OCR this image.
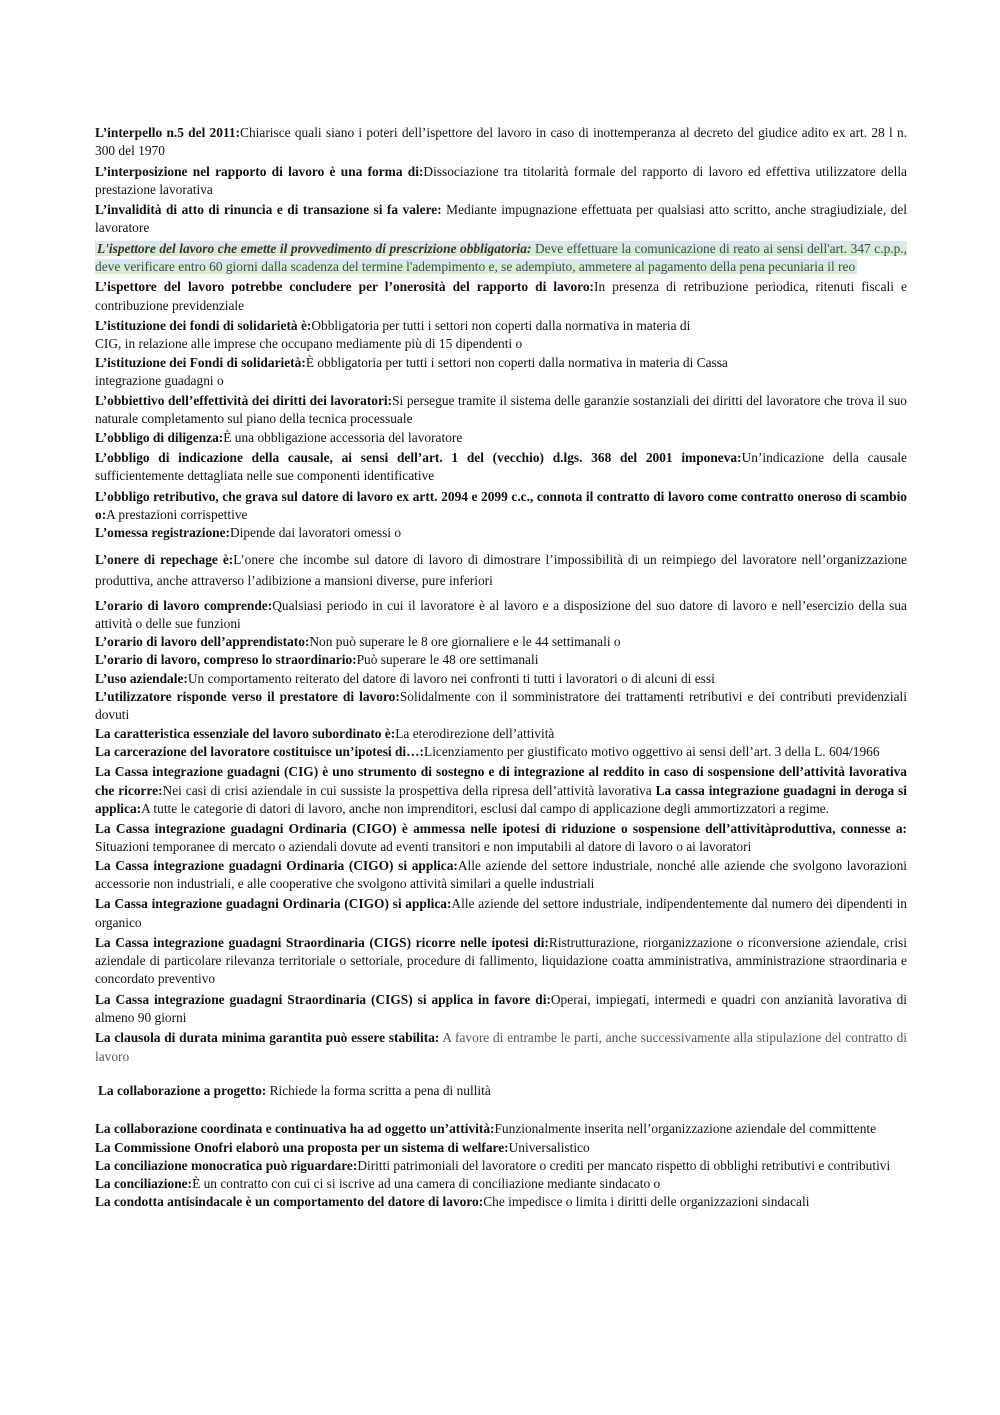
L’interpello n.5 del 2011:Chiarisce quali siano i poteri dell’ispettore del lavoro in caso di inottemperanza al decreto del giudice adito ex art. 28 l n. 300 del 1970

L’interposizione nel rapporto di lavoro è una forma di:Dissociazione tra titolarità formale del rapporto di lavoro ed effettiva utilizzatore della prestazione lavorativa

L’invalidità di atto di rinuncia e di transazione si fa valere: Mediante impugnazione effettuata per qualsiasi atto scritto, anche stragiudiziale, del lavoratore

L'ispettore del lavoro che emette il provvedimento di prescrizione obbligatoria: Deve effettuare la comunicazione di reato ai sensi dell'art. 347 c.p.p., deve verificare entro 60 giorni dalla scadenza del termine l'adempimento e, se adempiuto, ammetere al pagamento della pena pecuniaria il reo

L’ispettore del lavoro potrebbe concludere per l’onerosità del rapporto di lavoro:In presenza di retribuzione periodica, ritenuti fiscali e contribuzione previdenziale

L’istituzione dei fondi di solidarietà è:Obbligatoria per tutti i settori non coperti dalla normativa in materia di
CIG, in relazione alle imprese che occupano mediamente più di 15 dipendenti o

L’istituzione dei Fondi di solidarietà:È obbligatoria per tutti i settori non coperti dalla normativa in materia di Cassa
integrazione guadagni o

L’obbiettivo dell’effettività dei diritti dei lavoratori:Si persegue tramite il sistema delle garanzie sostanziali dei diritti del lavoratore che trova il suo naturale completamento sul piano della tecnica processuale

L’obbligo di diligenza:È una obbligazione accessoria del lavoratore

L’obbligo di indicazione della causale, ai sensi dell’art. 1 del (vecchio) d.lgs. 368 del 2001 imponeva:Un’indicazione della causale sufficientemente dettagliata nelle sue componenti identificative

L’obbligo retributivo, che grava sul datore di lavoro ex artt. 2094 e 2099 c.c., connota il contratto di lavoro come contratto oneroso di scambio o:A prestazioni corrispettive

L’omessa registrazione:Dipende dai lavoratori omessi o

L’onere di repechage è:L’onere che incombe sul datore di lavoro di dimostrare l’impossibilità di un reimpiego del lavoratore nell’organizzazione produttiva, anche attraverso l’adibizione a mansioni diverse, pure inferiori

L’orario di lavoro comprende:Qualsiasi periodo in cui il lavoratore è al lavoro e a disposizione del suo datore di lavoro e nell’esercizio della sua attività o delle sue funzioni

L’orario di lavoro dell’apprendistato:Non può superare le 8 ore giornaliere e le 44 settimanali o

L’orario di lavoro, compreso lo straordinario:Può superare le 48 ore settimanali

L’uso aziendale:Un comportamento reiterato del datore di lavoro nei confronti ti tutti i lavoratori o di alcuni di essi

L’utilizzatore risponde verso il prestatore di lavoro:Solidalmente con il somministratore dei trattamenti retributivi e dei contributi previdenziali dovuti

La caratteristica essenziale del lavoro subordinato è:La eterodirezione dell’attività

La carcerazione del lavoratore costituisce un’ipotesi di…:Licenziamento per giustificato motivo oggettivo ai sensi dell’art. 3 della L. 604/1966

La Cassa integrazione guadagni (CIG) è uno strumento di sostegno e di integrazione al reddito in caso di sospensione dell’attività lavorativa che ricorre:Nei casi di crisi aziendale in cui sussiste la prospettiva della ripresa dell’attività lavorativa La cassa integrazione guadagni in deroga si applica:A tutte le categorie di datori di lavoro, anche non imprenditori, esclusi dal campo di applicazione degli ammortizzatori a regime.

La Cassa integrazione guadagni Ordinaria (CIGO) è ammessa nelle ipotesi di riduzione o sospensione dell’attivitàproduttiva, connesse a: Situazioni temporanee di mercato o aziendali dovute ad eventi transitori e non imputabili al datore di lavoro o ai lavoratori

La Cassa integrazione guadagni Ordinaria (CIGO) si applica:Alle aziende del settore industriale, nonché alle aziende che svolgono lavorazioni accessorie non industriali, e alle cooperative che svolgono attività similari a quelle industriali

La Cassa integrazione guadagni Ordinaria (CIGO) si applica:Alle aziende del settore industriale, indipendentemente dal numero dei dipendenti in organico

La Cassa integrazione guadagni Straordinaria (CIGS) ricorre nelle ipotesi di:Ristrutturazione, riorganizzazione o riconversione aziendale, crisi aziendale di particolare rilevanza territoriale o settoriale, procedure di fallimento, liquidazione coatta amministrativa, amministrazione straordinaria e concordato preventivo

La Cassa integrazione guadagni Straordinaria (CIGS) si applica in favore di:Operai, impiegati, intermedi e quadri con anzianità lavorativa di almeno 90 giorni

La clausola di durata minima garantita può essere stabilita: A favore di entrambe le parti, anche successivamente alla stipulazione del contratto di lavoro

La collaborazione a progetto: Richiede la forma scritta a pena di nullità

La collaborazione coordinata e continuativa ha ad oggetto un’attività:Funzionalmente inserita nell’organizzazione aziendale del committente

La Commissione Onofri elaborò una proposta per un sistema di welfare:Universalistico

La conciliazione monocratica può riguardare:Diritti patrimoniali del lavoratore o crediti per mancato rispetto di obblighi retributivi e contributivi

La conciliazione:È un contratto con cui ci si iscrive ad una camera di conciliazione mediante sindacato o

La condotta antisindacale è un comportamento del datore di lavoro:Che impedisce o limita i diritti delle organizzazioni sindacali
